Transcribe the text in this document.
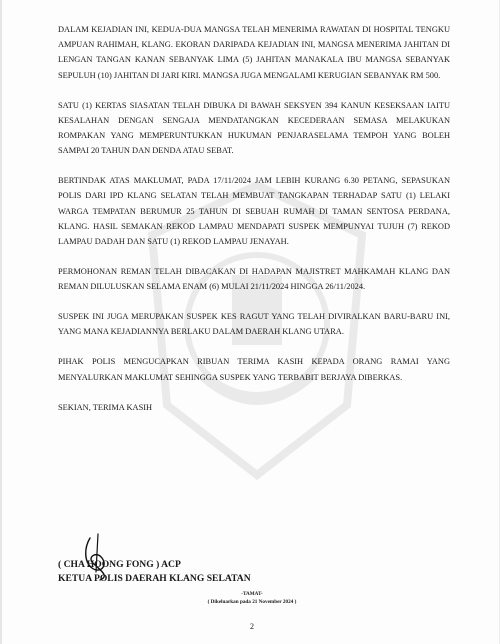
DALAM KEJADIAN INI, KEDUA-DUA MANGSA TELAH MENERIMA RAWATAN DI HOSPITAL TENGKU AMPUAN RAHIMAH, KLANG. EKORAN DARIPADA KEJADIAN INI, MANGSA MENERIMA JAHITAN DI LENGAN TANGAN KANAN SEBANYAK LIMA (5) JAHITAN MANAKALA IBU MANGSA SEBANYAK SEPULUH (10) JAHITAN DI JARI KIRI. MANGSA JUGA MENGALAMI KERUGIAN SEBANYAK RM 500.

SATU (1) KERTAS SIASATAN TELAH DIBUKA DI BAWAH SEKSYEN 394 KANUN KESEKSAAN IAITU KESALAHAN DENGAN SENGAJA MENDATANGKAN KECEDERAAN SEMASA MELAKUKAN ROMPAKAN YANG MEMPERUNTUKKAN HUKUMAN PENJARASELAMA TEMPOH YANG BOLEH SAMPAI 20 TAHUN DAN DENDA ATAU SEBAT.

BERTINDAK ATAS MAKLUMAT, PADA 17/11/2024 JAM LEBIH KURANG 6.30 PETANG, SEPASUKAN POLIS DARI IPD KLANG SELATAN TELAH MEMBUAT TANGKAPAN TERHADAP SATU (1) LELAKI WARGA TEMPATAN BERUMUR 25 TAHUN DI SEBUAH RUMAH DI TAMAN SENTOSA PERDANA, KLANG. HASIL SEMAKAN REKOD LAMPAU MENDAPATI SUSPEK MEMPUNYAI TUJUH (7) REKOD LAMPAU DADAH DAN SATU (1) REKOD LAMPAU JENAYAH.

PERMOHONAN REMAN TELAH DIBACAKAN DI HADAPAN MAJISTRET MAHKAMAH KLANG DAN REMAN DILULUSKAN SELAMA ENAM (6) MULAI 21/11/2024 HINGGA 26/11/2024.

SUSPEK INI JUGA MERUPAKAN SUSPEK KES RAGUT YANG TELAH DIVIRALKAN BARU-BARU INI, YANG MANA KEJADIANNYA BERLAKU DALAM DAERAH KLANG UTARA.

PIHAK POLIS MENGUCAPKAN RIBUAN TERIMA KASIH KEPADA ORANG RAMAI YANG MENYALURKAN MAKLUMAT SEHINGGA SUSPEK YANG TERBABIT BERJAYA DIBERKAS.

SEKIAN, TERIMA KASIH

( CHA HOONG FONG ) ACP
KETUA POLIS DAERAH KLANG SELATAN
-TAMAT-
( Dikeluarkan pada 21 November 2024 )
2
